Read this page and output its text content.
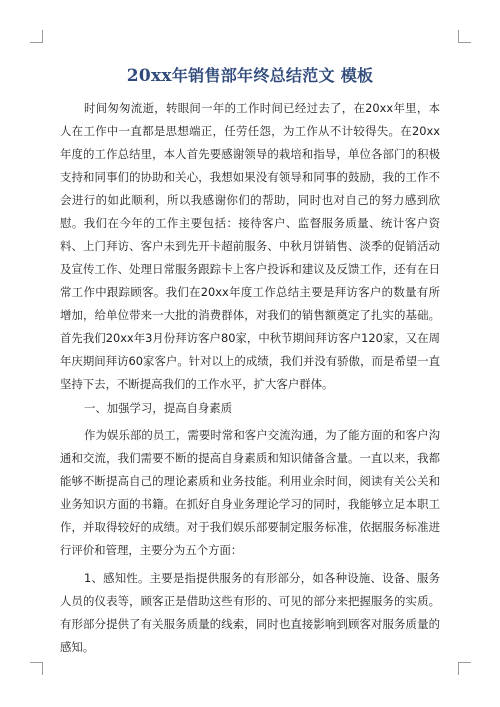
20xx年销售部年终总结范文 模板

时间匆匆流逝，转眼间一年的工作时间已经过去了，在20xx年里，本人在工作中一直都是思想端正，任劳任怨，为工作从不计较得失。在20xx年度的工作总结里，本人首先要感谢领导的栽培和指导，单位各部门的积极支持和同事们的协助和关心，我想如果没有领导和同事的鼓励，我的工作不会进行的如此顺利，所以我感谢你们的帮助，同时也对自己的努力感到欣慰。我们在今年的工作主要包括：接待客户、监督服务质量、统计客户资料、上门拜访、客户未到先开卡超前服务、中秋月饼销售、淡季的促销活动及宣传工作、处理日常服务跟踪卡上客户投诉和建议及反馈工作，还有在日常工作中跟踪顾客。我们在20xx年度工作总结主要是拜访客户的数量有所增加，给单位带来一大批的消费群体，对我们的销售额奠定了扎实的基础。首先我们20xx年3月份拜访客户80家，中秋节期间拜访客户120家，又在周年庆期间拜访60家客户。针对以上的成绩，我们并没有骄傲，而是希望一直坚持下去，不断提高我们的工作水平，扩大客户群体。

一、加强学习，提高自身素质

作为娱乐部的员工，需要时常和客户交流沟通，为了能方面的和客户沟通和交流，我们需要不断的提高自身素质和知识储备含量。一直以来，我都能够不断提高自己的理论素质和业务技能。利用业余时间，阅读有关公关和业务知识方面的书籍。在抓好自身业务理论学习的同时，我能够立足本职工作，并取得较好的成绩。对于我们娱乐部要制定服务标准，依据服务标准进行评价和管理，主要分为五个方面：

1、感知性。主要是指提供服务的有形部分，如各种设施、设备、服务人员的仪表等，顾客正是借助这些有形的、可见的部分来把握服务的实质。有形部分提供了有关服务质量的线索，同时也直接影响到顾客对服务质量的感知。
